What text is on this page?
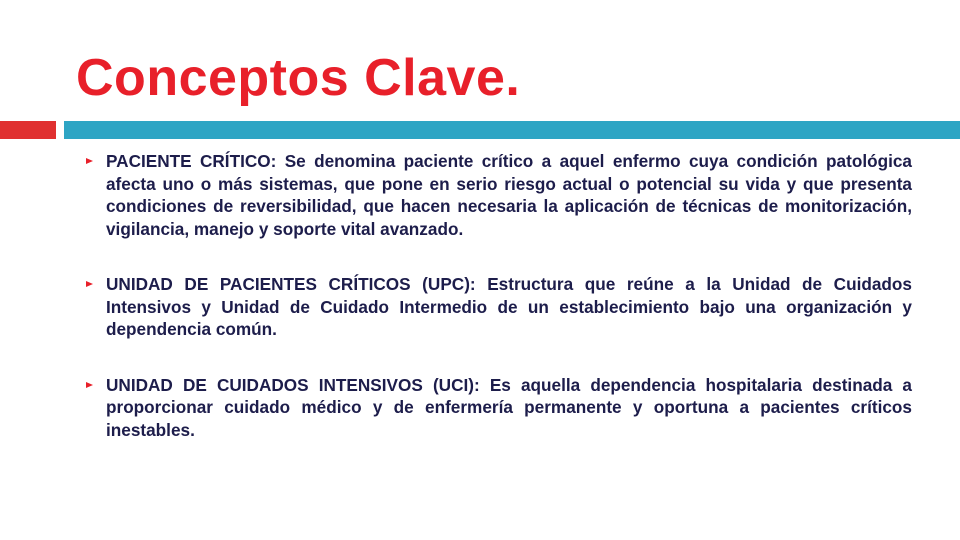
Conceptos Clave.
PACIENTE CRÍTICO: Se denomina paciente crítico a aquel enfermo cuya condición patológica afecta uno o más sistemas, que pone en serio riesgo actual o potencial su vida y que presenta condiciones de reversibilidad, que hacen necesaria la aplicación de técnicas de monitorización, vigilancia, manejo y soporte vital avanzado.
UNIDAD DE PACIENTES CRÍTICOS (UPC): Estructura que reúne a la Unidad de Cuidados Intensivos y Unidad de Cuidado Intermedio de un establecimiento bajo una organización y dependencia común.
UNIDAD DE CUIDADOS INTENSIVOS (UCI): Es aquella dependencia hospitalaria destinada a proporcionar cuidado médico y de enfermería permanente y oportuna a pacientes críticos inestables.
